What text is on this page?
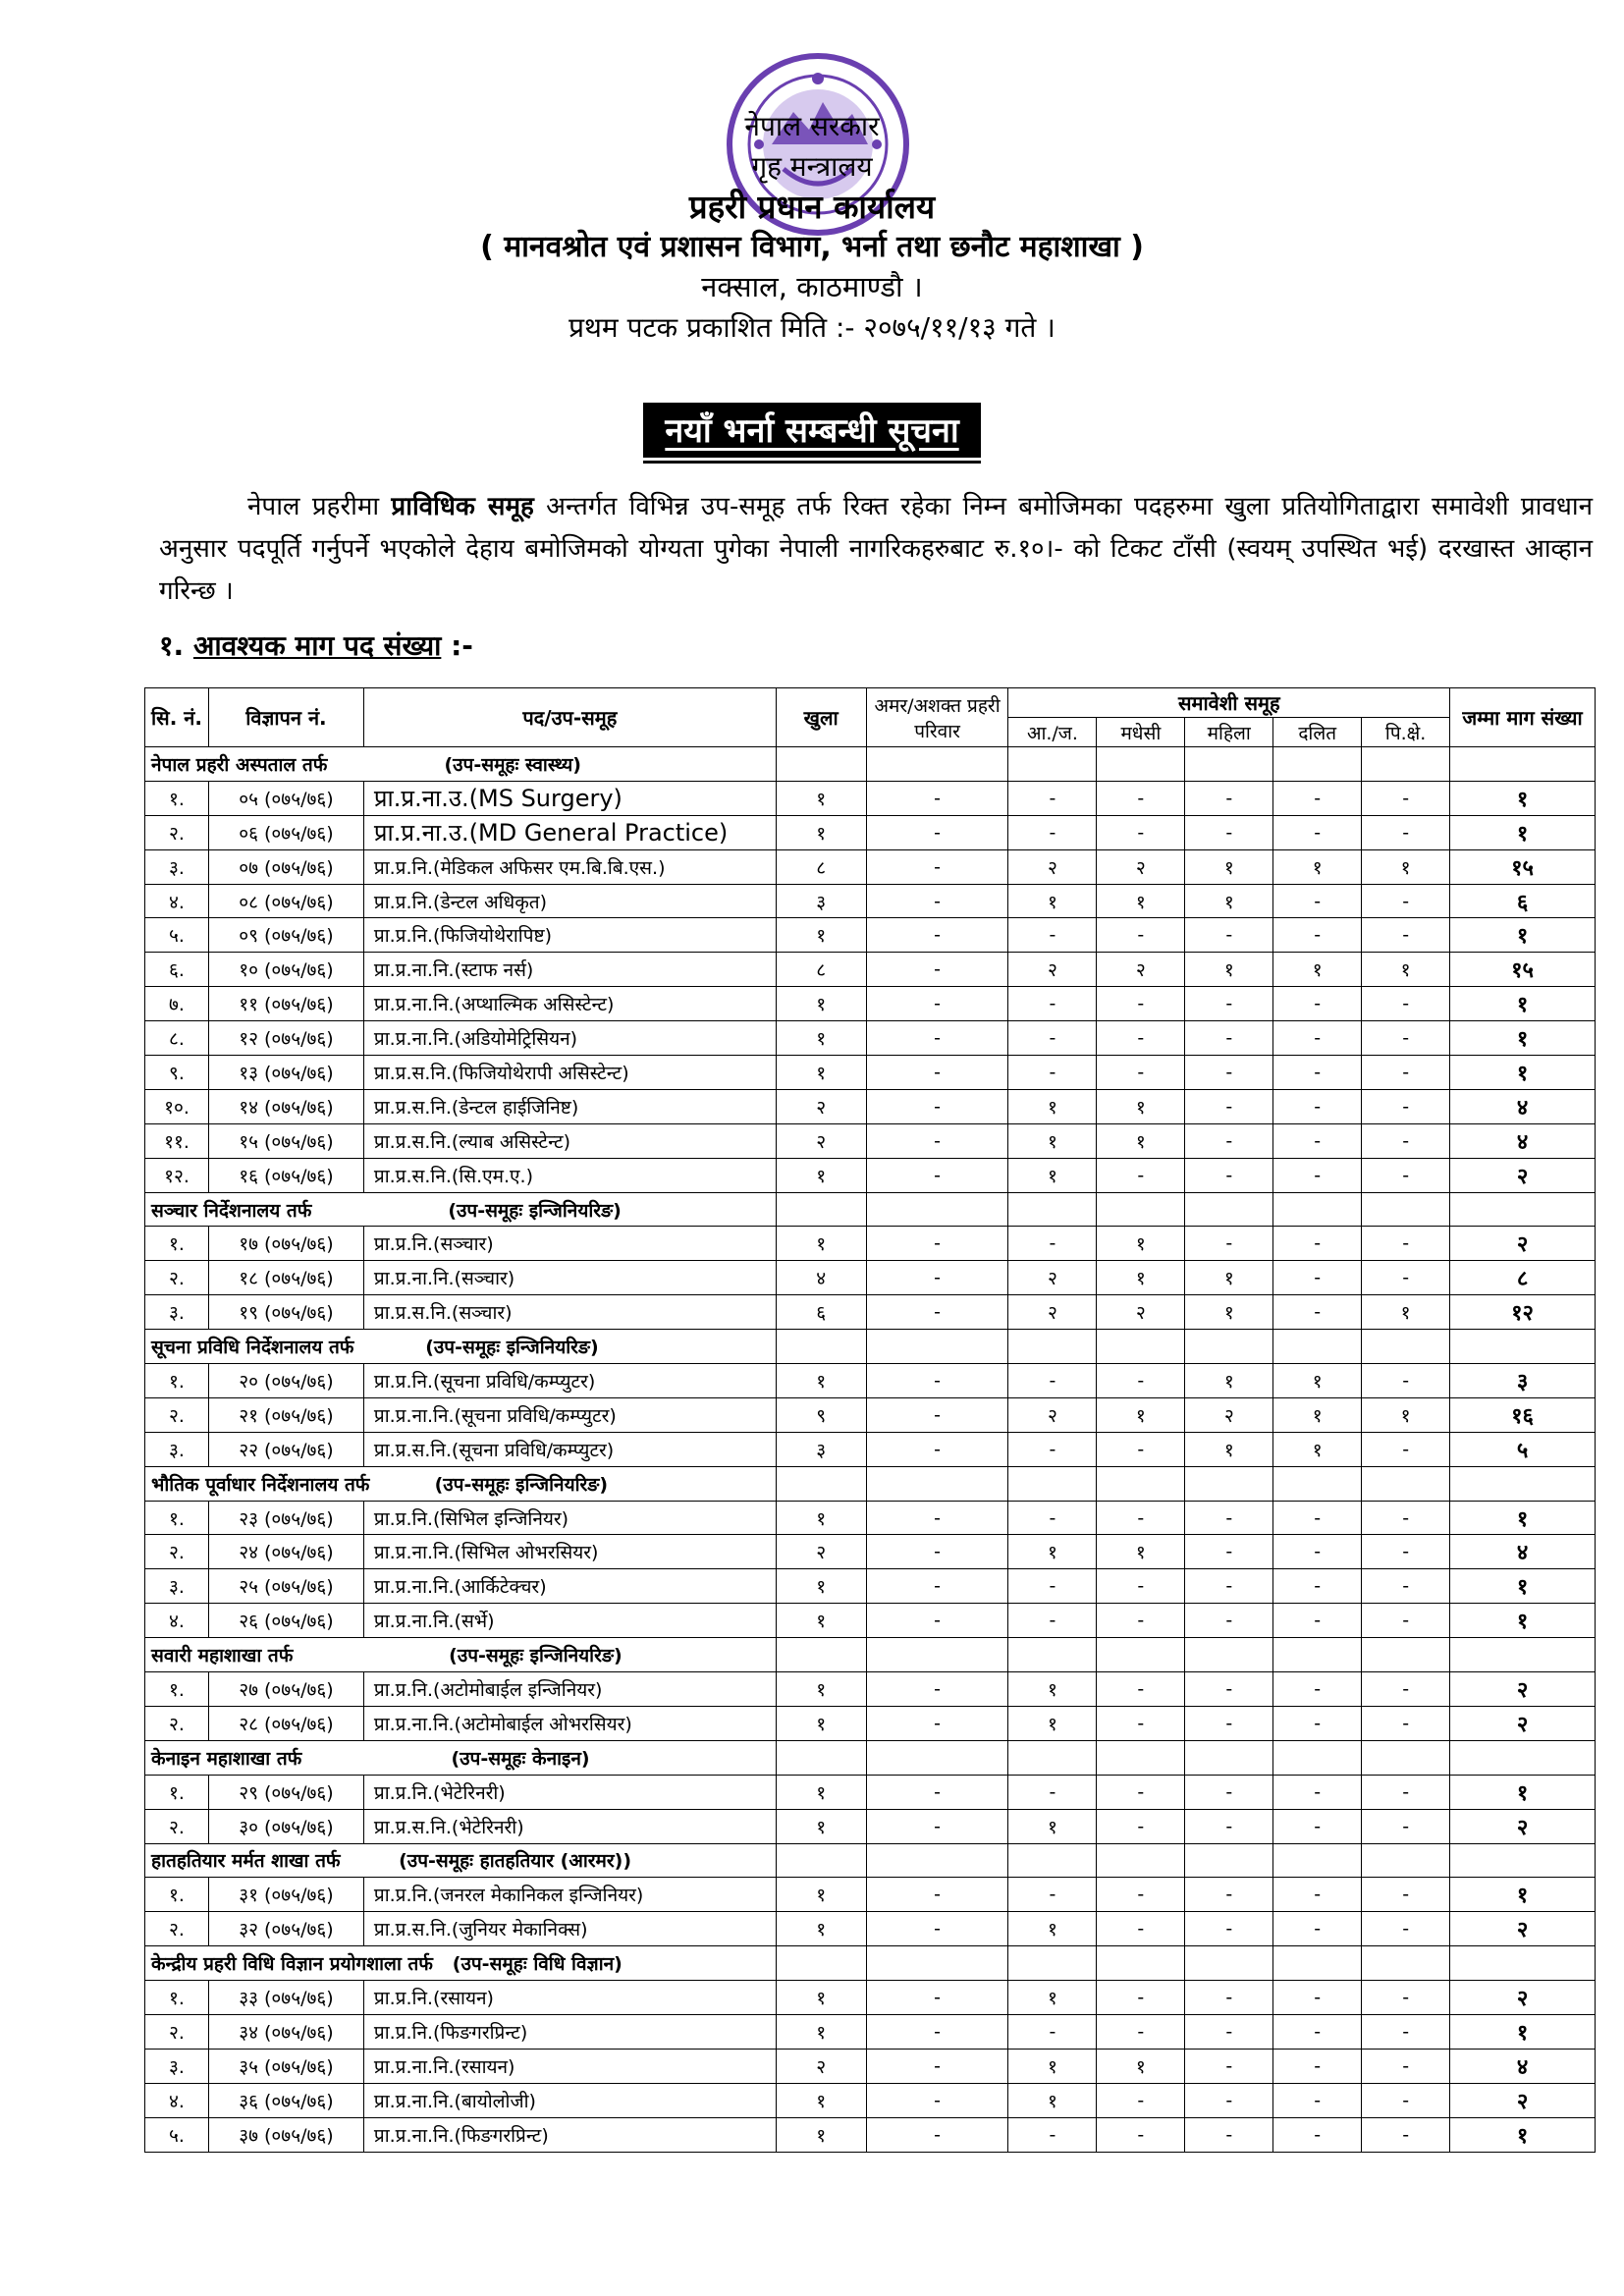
नेपाल सरकार
गृह मन्त्रालय
प्रहरी प्रधान कार्यालय
( मानवश्रोत एवं प्रशासन विभाग, भर्ना तथा छनौट महाशाखा )
नक्साल, काठमाण्डौ ।
प्रथम पटक प्रकाशित मिति :- २०७५/११/१३ गते ।
नयाँ भर्ना सम्बन्धी सूचना

नेपाल प्रहरीमा प्राविधिक समूह अन्तर्गत विभिन्न उप-समूह तर्फ रिक्त रहेका निम्न बमोजिमका पदहरुमा खुला प्रतियोगिताद्वारा समावेशी प्रावधान अनुसार पदपूर्ति गर्नुपर्ने भएकोले देहाय बमोजिमको योग्यता पुगेका नेपाली नागरिकहरुबाट रु.१०।- को टिकट टाँसी (स्वयम् उपस्थित भई) दरखास्त आव्हान गरिन्छ ।

१. आवश्यक माग पद संख्या :-
सि. नं.	विज्ञापन नं.	पद/उप-समूह	खुला	अमर/अशक्त प्रहरी परिवार	समावेशी समूह					जम्मा माग संख्या
					आ./ज.	मधेसी	महिला	दलित	पि.क्षे.	
नेपाल प्रहरी अस्पताल तर्फ                  (उप-समूहः स्वास्थ्य)										
१.	०५ (०७५/७६)	प्रा.प्र.ना.उ.(MS Surgery)	१	-	-	-	-	-	-	१
२.	०६ (०७५/७६)	प्रा.प्र.ना.उ.(MD General Practice)	१	-	-	-	-	-	-	१
३.	०७ (०७५/७६)	प्रा.प्र.नि.(मेडिकल अफिसर एम.बि.बि.एस.)	८	-	२	२	१	१	१	१५
४.	०८ (०७५/७६)	प्रा.प्र.नि.(डेन्टल अधिकृत)	३	-	१	१	१	-	-	६
५.	०९ (०७५/७६)	प्रा.प्र.नि.(फिजियोथेरापिष्ट)	१	-	-	-	-	-	-	१
६.	१० (०७५/७६)	प्रा.प्र.ना.नि.(स्टाफ नर्स)	८	-	२	२	१	१	१	१५
७.	११ (०७५/७६)	प्रा.प्र.ना.नि.(अप्थाल्मिक असिस्टेन्ट)	१	-	-	-	-	-	-	१
८.	१२ (०७५/७६)	प्रा.प्र.ना.नि.(अडियोमेट्रिसियन)	१	-	-	-	-	-	-	१
९.	१३ (०७५/७६)	प्रा.प्र.स.नि.(फिजियोथेरापी असिस्टेन्ट)	१	-	-	-	-	-	-	१
१०.	१४ (०७५/७६)	प्रा.प्र.स.नि.(डेन्टल हाईजिनिष्ट)	२	-	१	१	-	-	-	४
११.	१५ (०७५/७६)	प्रा.प्र.स.नि.(ल्याब असिस्टेन्ट)	२	-	१	१	-	-	-	४
१२.	१६ (०७५/७६)	प्रा.प्र.स.नि.(सि.एम.ए.)	१	-	१	-	-	-	-	२
सञ्चार निर्देशनालय तर्फ                     (उप-समूहः इन्जिनियरिङ)										
१.	१७ (०७५/७६)	प्रा.प्र.नि.(सञ्चार)	१	-	-	१	-	-	-	२
२.	१८ (०७५/७६)	प्रा.प्र.ना.नि.(सञ्चार)	४	-	२	१	१	-	-	८
३.	१९ (०७५/७६)	प्रा.प्र.स.नि.(सञ्चार)	६	-	२	२	१	-	१	१२
सूचना प्रविधि निर्देशनालय तर्फ           (उप-समूहः इन्जिनियरिङ)										
१.	२० (०७५/७६)	प्रा.प्र.नि.(सूचना प्रविधि/कम्प्युटर)	१	-	-	-	१	१	-	३
२.	२१ (०७५/७६)	प्रा.प्र.ना.नि.(सूचना प्रविधि/कम्प्युटर)	९	-	२	१	२	१	१	१६
३.	२२ (०७५/७६)	प्रा.प्र.स.नि.(सूचना प्रविधि/कम्प्युटर)	३	-	-	-	१	१	-	५
भौतिक पूर्वाधार निर्देशनालय तर्फ          (उप-समूहः इन्जिनियरिङ)										
१.	२३ (०७५/७६)	प्रा.प्र.नि.(सिभिल इन्जिनियर)	१	-	-	-	-	-	-	१
२.	२४ (०७५/७६)	प्रा.प्र.ना.नि.(सिभिल ओभरसियर)	२	-	१	१	-	-	-	४
३.	२५ (०७५/७६)	प्रा.प्र.ना.नि.(आर्किटेक्चर)	१	-	-	-	-	-	-	१
४.	२६ (०७५/७६)	प्रा.प्र.ना.नि.(सर्भे)	१	-	-	-	-	-	-	१
सवारी महाशाखा तर्फ                        (उप-समूहः इन्जिनियरिङ)										
१.	२७ (०७५/७६)	प्रा.प्र.नि.(अटोमोबाईल इन्जिनियर)	१	-	१	-	-	-	-	२
२.	२८ (०७५/७६)	प्रा.प्र.ना.नि.(अटोमोबाईल ओभरसियर)	१	-	१	-	-	-	-	२
केनाइन महाशाखा तर्फ                       (उप-समूहः केनाइन)										
१.	२९ (०७५/७६)	प्रा.प्र.नि.(भेटेरिनरी)	१	-	-	-	-	-	-	१
२.	३० (०७५/७६)	प्रा.प्र.स.नि.(भेटेरिनरी)	१	-	१	-	-	-	-	२
हातहतियार मर्मत शाखा तर्फ         (उप-समूहः हातहतियार (आरमर))										
१.	३१ (०७५/७६)	प्रा.प्र.नि.(जनरल मेकानिकल इन्जिनियर)	१	-	-	-	-	-	-	१
२.	३२ (०७५/७६)	प्रा.प्र.स.नि.(जुनियर मेकानिक्स)	१	-	१	-	-	-	-	२
केन्द्रीय प्रहरी विधि विज्ञान प्रयोगशाला तर्फ   (उप-समूहः विधि विज्ञान)										
१.	३३ (०७५/७६)	प्रा.प्र.नि.(रसायन)	१	-	१	-	-	-	-	२
२.	३४ (०७५/७६)	प्रा.प्र.नि.(फिङगरप्रिन्ट)	१	-	-	-	-	-	-	१
३.	३५ (०७५/७६)	प्रा.प्र.ना.नि.(रसायन)	२	-	१	१	-	-	-	४
४.	३६ (०७५/७६)	प्रा.प्र.ना.नि.(बायोलोजी)	१	-	१	-	-	-	-	२
५.	३७ (०७५/७६)	प्रा.प्र.ना.नि.(फिङगरप्रिन्ट)	१	-	-	-	-	-	-	१
